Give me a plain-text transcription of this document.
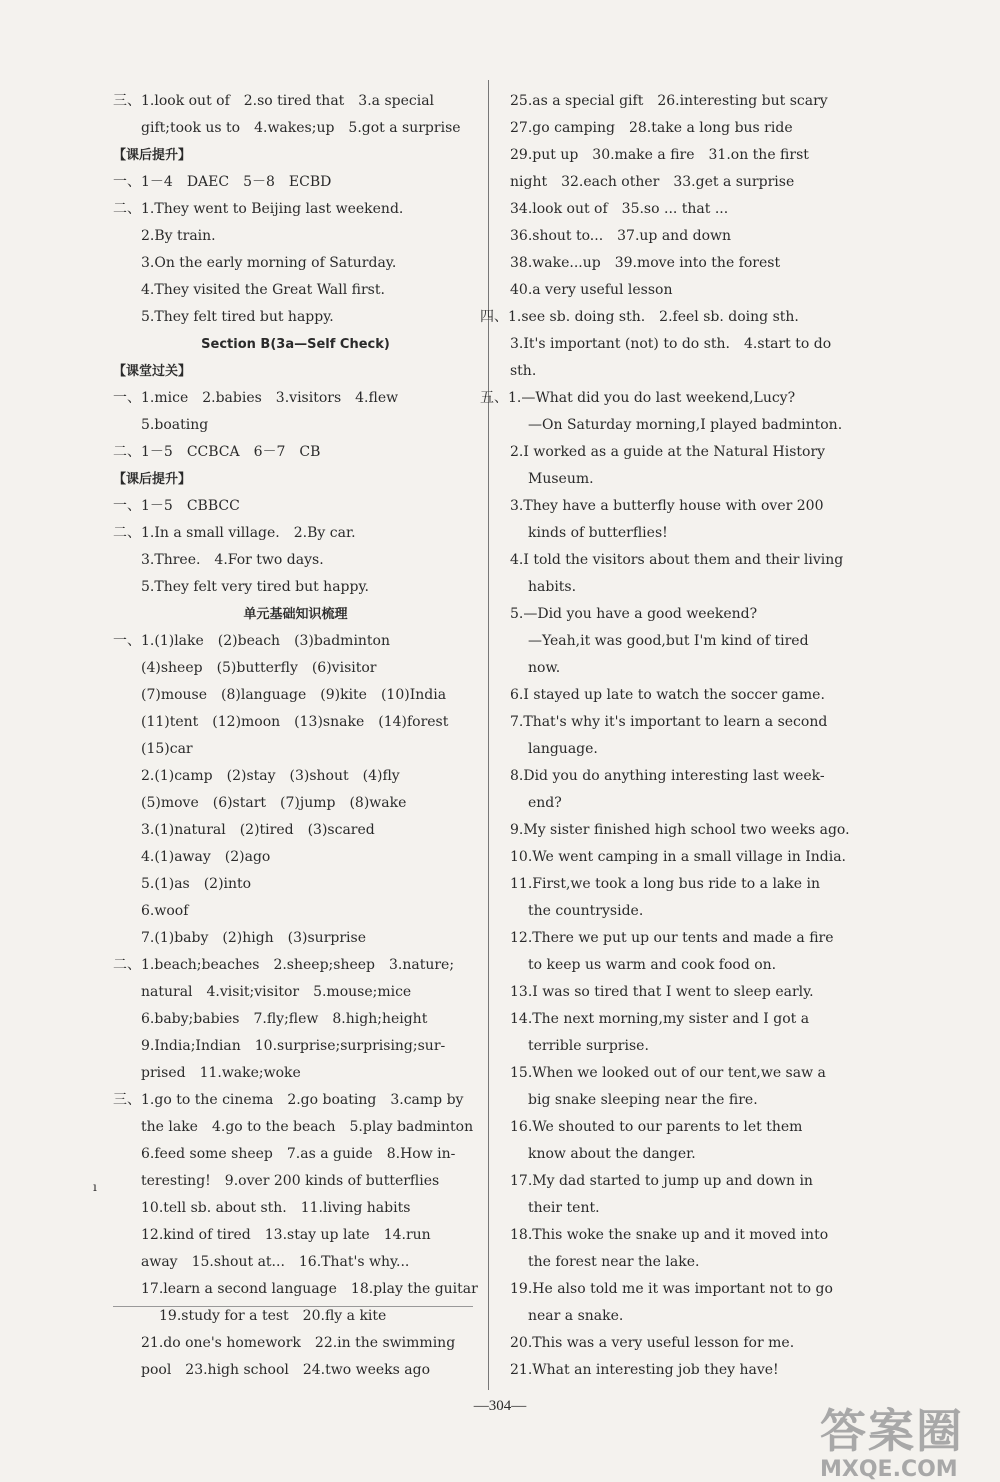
三、1.look out of　2.so tired that　3.a special
gift;took us to　4.wakes;up　5.got a surprise
【课后提升】
一、1－4　DAEC　5－8　ECBD
二、1.They went to Beijing last weekend.
2.By train.
3.On the early morning of Saturday.
4.They visited the Great Wall first.
5.They felt tired but happy.
Section B(3a—Self Check)
【课堂过关】
一、1.mice　2.babies　3.visitors　4.flew
5.boating
二、1－5　CCBCA　6－7　CB
【课后提升】
一、1－5　CBBCC
二、1.In a small village.　2.By car.
3.Three.　4.For two days.
5.They felt very tired but happy.
单元基础知识梳理
一、1.(1)lake　(2)beach　(3)badminton
(4)sheep　(5)butterfly　(6)visitor
(7)mouse　(8)language　(9)kite　(10)India
(11)tent　(12)moon　(13)snake　(14)forest
(15)car
2.(1)camp　(2)stay　(3)shout　(4)fly
(5)move　(6)start　(7)jump　(8)wake
3.(1)natural　(2)tired　(3)scared
4.(1)away　(2)ago
5.(1)as　(2)into
6.woof
7.(1)baby　(2)high　(3)surprise
二、1.beach;beaches　2.sheep;sheep　3.nature;
natural　4.visit;visitor　5.mouse;mice
6.baby;babies　7.fly;flew　8.high;height
9.India;Indian　10.surprise;surprising;sur-
prised　11.wake;woke
三、1.go to the cinema　2.go boating　3.camp by
the lake　4.go to the beach　5.play badminton
6.feed some sheep　7.as a guide　8.How in-
teresting!　9.over 200 kinds of butterflies
10.tell sb. about sth.　11.living habits
12.kind of tired　13.stay up late　14.run
away　15.shout at...　16.That's why...
17.learn a second language　18.play the guitar
19.study for a test　20.fly a kite
21.do one's homework　22.in the swimming
pool　23.high school　24.two weeks ago
25.as a special gift　26.interesting but scary
27.go camping　28.take a long bus ride
29.put up　30.make a fire　31.on the first
night　32.each other　33.get a surprise
34.look out of　35.so ... that ...
36.shout to...　37.up and down
38.wake...up　39.move into the forest
40.a very useful lesson
四、1.see sb. doing sth.　2.feel sb. doing sth.
3.It's important (not) to do sth.　4.start to do
sth.
五、1.—What did you do last weekend,Lucy?
—On Saturday morning,I played badminton.
2.I worked as a guide at the Natural History
Museum.
3.They have a butterfly house with over 200
kinds of butterflies!
4.I told the visitors about them and their living
habits.
5.—Did you have a good weekend?
—Yeah,it was good,but I'm kind of tired
now.
6.I stayed up late to watch the soccer game.
7.That's why it's important to learn a second
language.
8.Did you do anything interesting last week-
end?
9.My sister finished high school two weeks ago.
10.We went camping in a small village in India.
11.First,we took a long bus ride to a lake in
the countryside.
12.There we put up our tents and made a fire
to keep us warm and cook food on.
13.I was so tired that I went to sleep early.
14.The next morning,my sister and I got a
terrible surprise.
15.When we looked out of our tent,we saw a
big snake sleeping near the fire.
16.We shouted to our parents to let them
know about the danger.
17.My dad started to jump up and down in
their tent.
18.This woke the snake up and it moved into
the forest near the lake.
19.He also told me it was important not to go
near a snake.
20.This was a very useful lesson for me.
21.What an interesting job they have!
ı
—304—	答案圈
MXQE.COM
